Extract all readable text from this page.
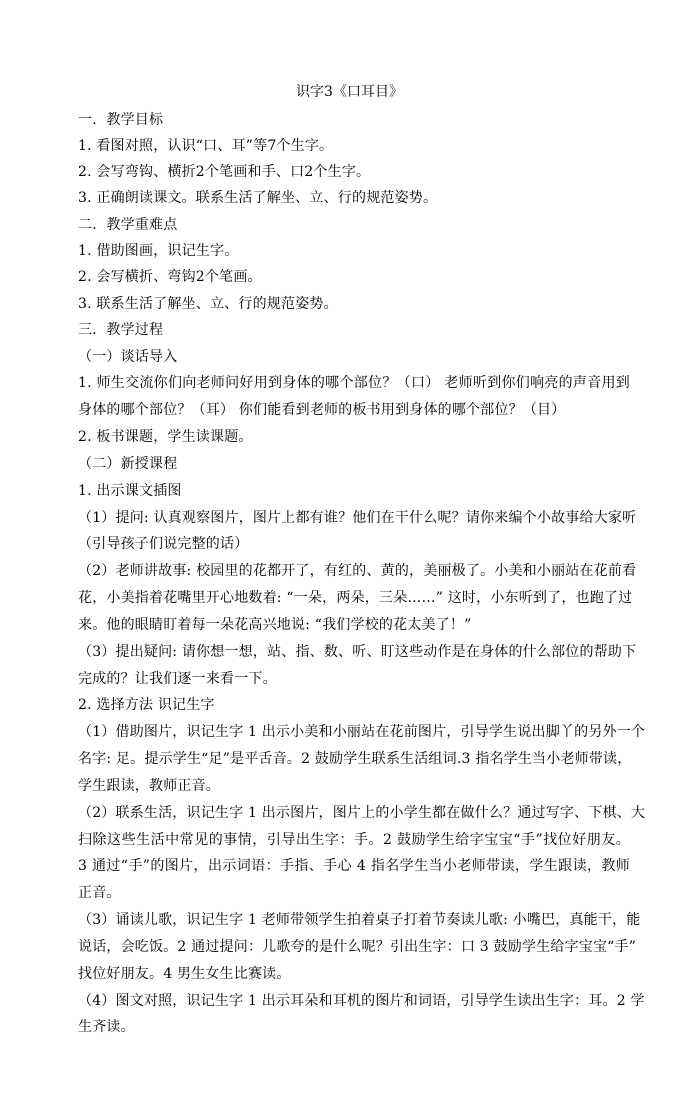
识字3《口耳目》
一．教学目标
1. 看图对照，认识“口、耳”等7个生字。
2. 会写弯钩、横折2个笔画和手、口2个生字。
3. 正确朗读课文。联系生活了解坐、立、行的规范姿势。
二．教学重难点
1. 借助图画，识记生字。
2. 会写横折、弯钩2个笔画。
3. 联系生活了解坐、立、行的规范姿势。
三．教学过程
（一）谈话导入
1. 师生交流你们向老师问好用到身体的哪个部位？（口） 老师听到你们响亮的声音用到
身体的哪个部位？（耳） 你们能看到老师的板书用到身体的哪个部位？（目）
2. 板书课题，学生读课题。
（二）新授课程
1. 出示课文插图
（1）提问: 认真观察图片，图片上都有谁？他们在干什么呢？请你来编个小故事给大家听
（引导孩子们说完整的话）
（2）老师讲故事: 校园里的花都开了，有红的、黄的，美丽极了。小美和小丽站在花前看
花，小美指着花嘴里开心地数着: “一朵，两朵，三朵……” 这时，小东听到了，也跑了过
来。他的眼睛盯着每一朵花高兴地说: “我们学校的花太美了！”
（3）提出疑问: 请你想一想，站、指、数、听、盯这些动作是在身体的什么部位的帮助下
完成的？让我们逐一来看一下。
2. 选择方法 识记生字
（1）借助图片，识记生字 1 出示小美和小丽站在花前图片，引导学生说出脚丫的另外一个
名字: 足。提示学生“足”是平舌音。2 鼓励学生联系生活组词.3 指名学生当小老师带读，
学生跟读，教师正音。
（2）联系生活，识记生字 1 出示图片，图片上的小学生都在做什么？通过写字、下棋、大
扫除这些生活中常见的事情，引导出生字：手。2 鼓励学生给字宝宝“手”找位好朋友。
3 通过“手”的图片，出示词语：手指、手心 4 指名学生当小老师带读，学生跟读，教师
正音。
（3）诵读儿歌，识记生字 1 老师带领学生拍着桌子打着节奏读儿歌: 小嘴巴，真能干，能
说话，会吃饭。2 通过提问：儿歌夸的是什么呢？引出生字：口 3 鼓励学生给字宝宝“手”
找位好朋友。4 男生女生比赛读。
（4）图文对照，识记生字 1 出示耳朵和耳机的图片和词语，引导学生读出生字：耳。2 学
生齐读。
